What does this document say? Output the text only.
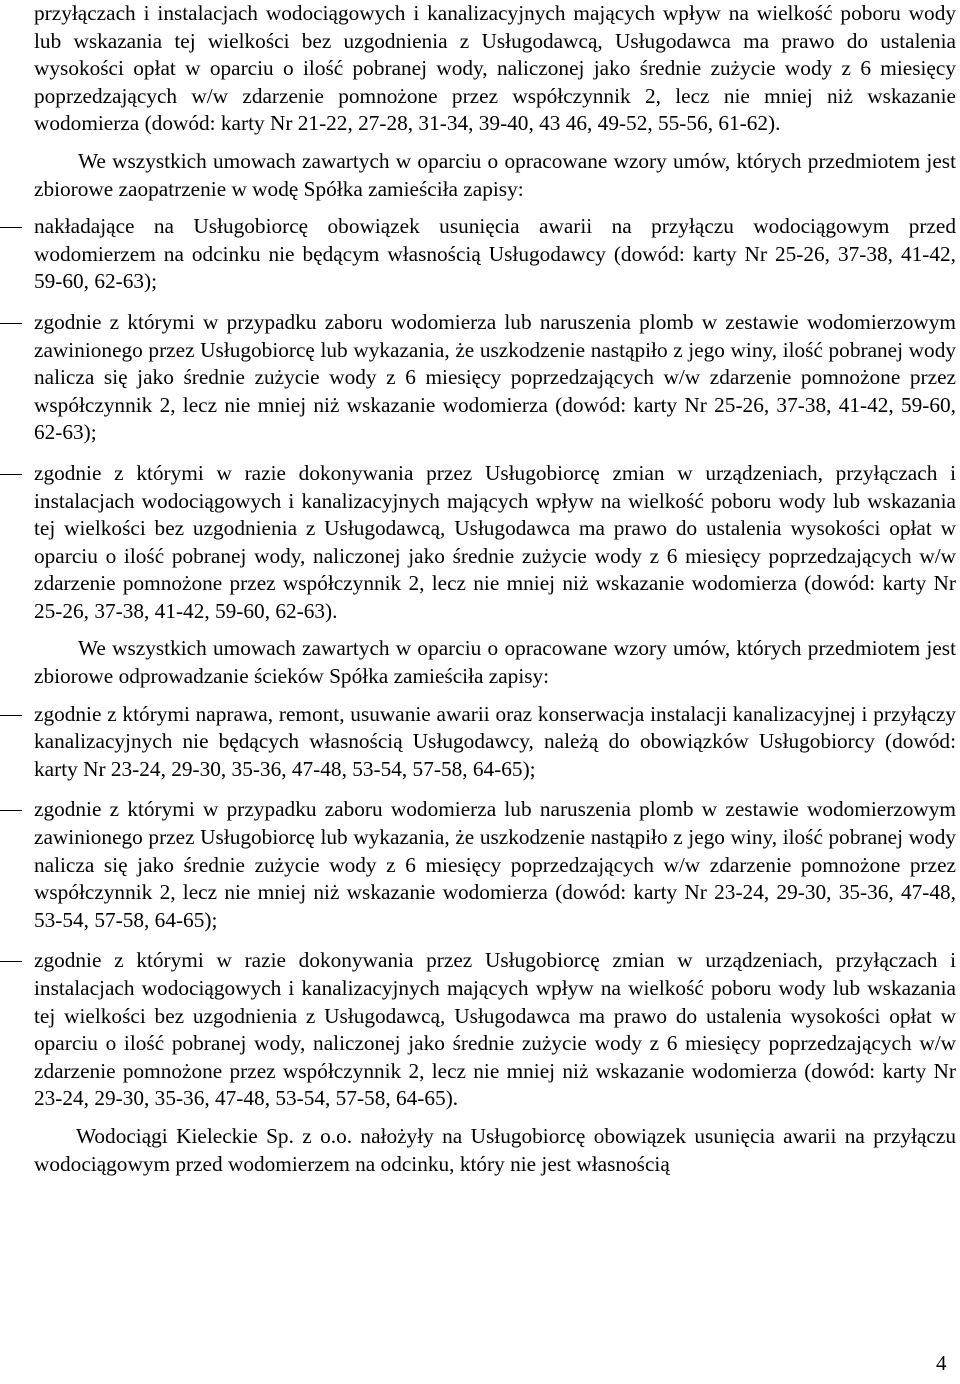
przyłączach i instalacjach wodociągowych i kanalizacyjnych mających wpływ na wielkość poboru wody lub wskazania tej wielkości bez uzgodnienia z Usługodawcą, Usługodawca ma prawo do ustalenia wysokości opłat w oparciu o ilość pobranej wody, naliczonej jako średnie zużycie wody z 6 miesięcy poprzedzających w/w zdarzenie pomnożone przez współczynnik 2, lecz nie mniej niż wskazanie wodomierza (dowód: karty Nr 21-22, 27-28, 31-34, 39-40, 43 46, 49-52, 55-56, 61-62).

We wszystkich umowach zawartych w oparciu o opracowane wzory umów, których przedmiotem jest zbiorowe zaopatrzenie w wodę Spółka zamieściła zapisy:

nakładające na Usługobiorcę obowiązek usunięcia awarii na przyłączu wodociągowym przed wodomierzem na odcinku nie będącym własnością Usługodawcy (dowód: karty Nr 25-26, 37-38, 41-42, 59-60, 62-63);
zgodnie z którymi w przypadku zaboru wodomierza lub naruszenia plomb w zestawie wodomierzowym zawinionego przez Usługobiorcę lub wykazania, że uszkodzenie nastąpiło z jego winy, ilość pobranej wody nalicza się jako średnie zużycie wody z 6 miesięcy poprzedzających w/w zdarzenie pomnożone przez współczynnik 2, lecz nie mniej niż wskazanie wodomierza (dowód: karty Nr 25-26, 37-38, 41-42, 59-60, 62-63);
zgodnie z którymi w razie dokonywania przez Usługobiorcę zmian w urządzeniach, przyłączach i instalacjach wodociągowych i kanalizacyjnych mających wpływ na wielkość poboru wody lub wskazania tej wielkości bez uzgodnienia z Usługodawcą, Usługodawca ma prawo do ustalenia wysokości opłat w oparciu o ilość pobranej wody, naliczonej jako średnie zużycie wody z 6 miesięcy poprzedzających w/w zdarzenie pomnożone przez współczynnik 2, lecz nie mniej niż wskazanie wodomierza (dowód: karty Nr 25-26, 37-38, 41-42, 59-60, 62-63).

We wszystkich umowach zawartych w oparciu o opracowane wzory umów, których przedmiotem jest zbiorowe odprowadzanie ścieków Spółka zamieściła zapisy:

zgodnie z którymi naprawa, remont, usuwanie awarii oraz konserwacja instalacji kanalizacyjnej i przyłączy kanalizacyjnych nie będących własnością Usługodawcy, należą do obowiązków Usługobiorcy (dowód: karty Nr 23-24, 29-30, 35-36, 47-48, 53-54, 57-58, 64-65);
zgodnie z którymi w przypadku zaboru wodomierza lub naruszenia plomb w zestawie wodomierzowym zawinionego przez Usługobiorcę lub wykazania, że uszkodzenie nastąpiło z jego winy, ilość pobranej wody nalicza się jako średnie zużycie wody z 6 miesięcy poprzedzających w/w zdarzenie pomnożone przez współczynnik 2, lecz nie mniej niż wskazanie wodomierza (dowód: karty Nr 23-24, 29-30, 35-36, 47-48, 53-54, 57-58, 64-65);
zgodnie z którymi w razie dokonywania przez Usługobiorcę zmian w urządzeniach, przyłączach i instalacjach wodociągowych i kanalizacyjnych mających wpływ na wielkość poboru wody lub wskazania tej wielkości bez uzgodnienia z Usługodawcą, Usługodawca ma prawo do ustalenia wysokości opłat w oparciu o ilość pobranej wody, naliczonej jako średnie zużycie wody z 6 miesięcy poprzedzających w/w zdarzenie pomnożone przez współczynnik 2, lecz nie mniej niż wskazanie wodomierza (dowód: karty Nr 23-24, 29-30, 35-36, 47-48, 53-54, 57-58, 64-65).

Wodociągi Kieleckie Sp. z o.o. nałożyły na Usługobiorcę obowiązek usunięcia awarii na przyłączu wodociągowym przed wodomierzem na odcinku, który nie jest własnością

4
